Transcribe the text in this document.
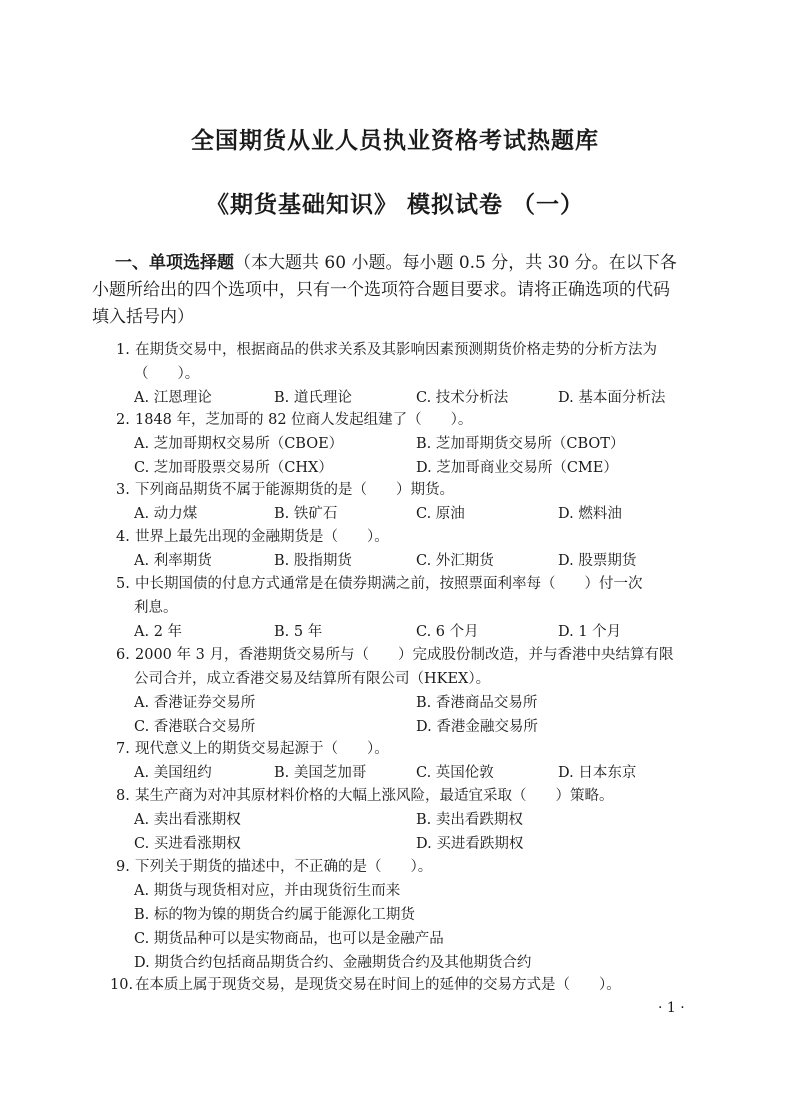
全国期货从业人员执业资格考试热题库
《期货基础知识》 模拟试卷 （一）
一、单项选择题（本大题共 60 小题。每小题 0.5 分，共 30 分。在以下各
小题所给出的四个选项中，只有一个选项符合题目要求。请将正确选项的代码
填入括号内）
1. 在期货交易中，根据商品的供求关系及其影响因素预测期货价格走势的分析方法为
（　　）。
A. 江恩理论	B. 道氏理论	C. 技术分析法	D. 基本面分析法
2. 1848 年，芝加哥的 82 位商人发起组建了（　　）。
A. 芝加哥期权交易所（CBOE）	B. 芝加哥期货交易所（CBOT）
C. 芝加哥股票交易所（CHX）	D. 芝加哥商业交易所（CME）
3. 下列商品期货不属于能源期货的是（　　）期货。
A. 动力煤	B. 铁矿石	C. 原油	D. 燃料油
4. 世界上最先出现的金融期货是（　　）。
A. 利率期货	B. 股指期货	C. 外汇期货	D. 股票期货
5. 中长期国债的付息方式通常是在债券期满之前，按照票面利率每（　　）付一次
利息。
A. 2 年	B. 5 年	C. 6 个月	D. 1 个月
6. 2000 年 3 月，香港期货交易所与（　　）完成股份制改造，并与香港中央结算有限
公司合并，成立香港交易及结算所有限公司（HKEX）。
A. 香港证券交易所	B. 香港商品交易所
C. 香港联合交易所	D. 香港金融交易所
7. 现代意义上的期货交易起源于（　　）。
A. 美国纽约	B. 美国芝加哥	C. 英国伦敦	D. 日本东京
8. 某生产商为对冲其原材料价格的大幅上涨风险，最适宜采取（　　）策略。
A. 卖出看涨期权	B. 卖出看跌期权
C. 买进看涨期权	D. 买进看跌期权
9. 下列关于期货的描述中，不正确的是（　　）。
A. 期货与现货相对应，并由现货衍生而来
B. 标的物为镍的期货合约属于能源化工期货
C. 期货品种可以是实物商品，也可以是金融产品
D. 期货合约包括商品期货合约、金融期货合约及其他期货合约
10. 在本质上属于现货交易，是现货交易在时间上的延伸的交易方式是（　　）。
· 1 ·
